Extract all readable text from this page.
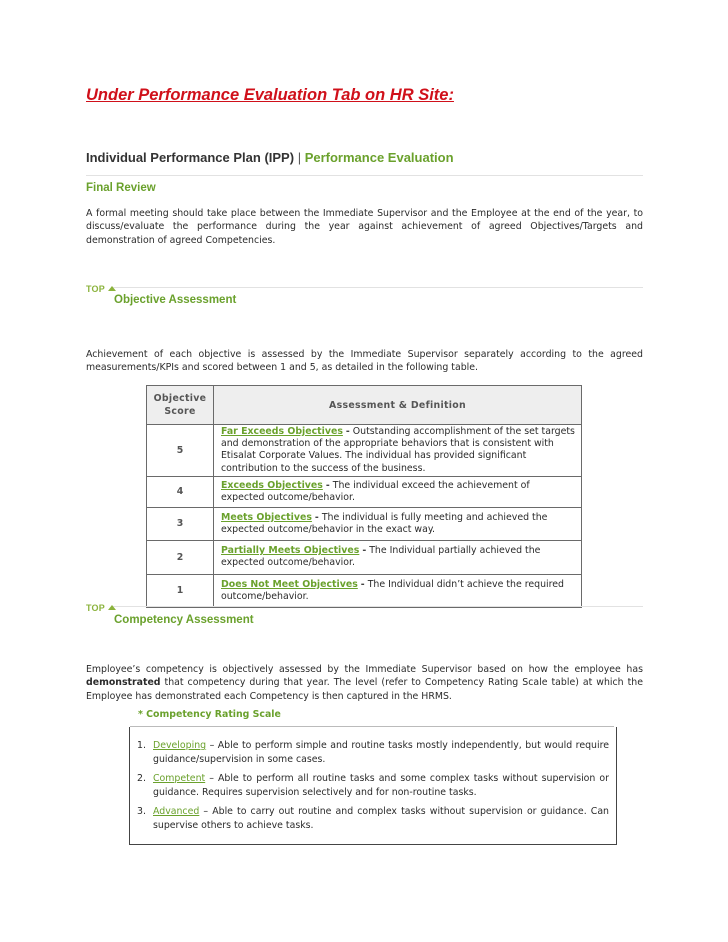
Under Performance Evaluation Tab on HR Site:
Individual Performance Plan (IPP) | Performance Evaluation
Final Review

A formal meeting should take place between the Immediate Supervisor and the Employee at the end of the year, to discuss/evaluate the performance during the year against achievement of agreed Objectives/Targets and demonstration of agreed Competencies.

TOP
Objective Assessment

Achievement of each objective is assessed by the Immediate Supervisor separately according to the agreed measurements/KPIs and scored between 1 and 5, as detailed in the following table.

Objective Score	Assessment & Definition
5	Far Exceeds Objectives - Outstanding accomplishment of the set targets and demonstration of the appropriate behaviors that is consistent with Etisalat Corporate Values. The individual has provided significant contribution to the success of the business.
4	Exceeds Objectives - The individual exceed the achievement of expected outcome/behavior.
3	Meets Objectives - The individual is fully meeting and achieved the expected outcome/behavior in the exact way.
2	Partially Meets Objectives - The Individual partially achieved the expected outcome/behavior.
1	Does Not Meet Objectives - The Individual didn’t achieve the required outcome/behavior.
TOP
Competency Assessment

Employee’s competency is objectively assessed by the Immediate Supervisor based on how the employee has demonstrated that competency during that year. The level (refer to Competency Rating Scale table) at which the Employee has demonstrated each Competency is then captured in the HRMS.

* Competency Rating Scale
1. Developing – Able to perform simple and routine tasks mostly independently, but would require guidance/supervision in some cases.
2. Competent – Able to perform all routine tasks and some complex tasks without supervision or guidance. Requires supervision selectively and for non-routine tasks.
3. Advanced – Able to carry out routine and complex tasks without supervision or guidance. Can supervise others to achieve tasks.
